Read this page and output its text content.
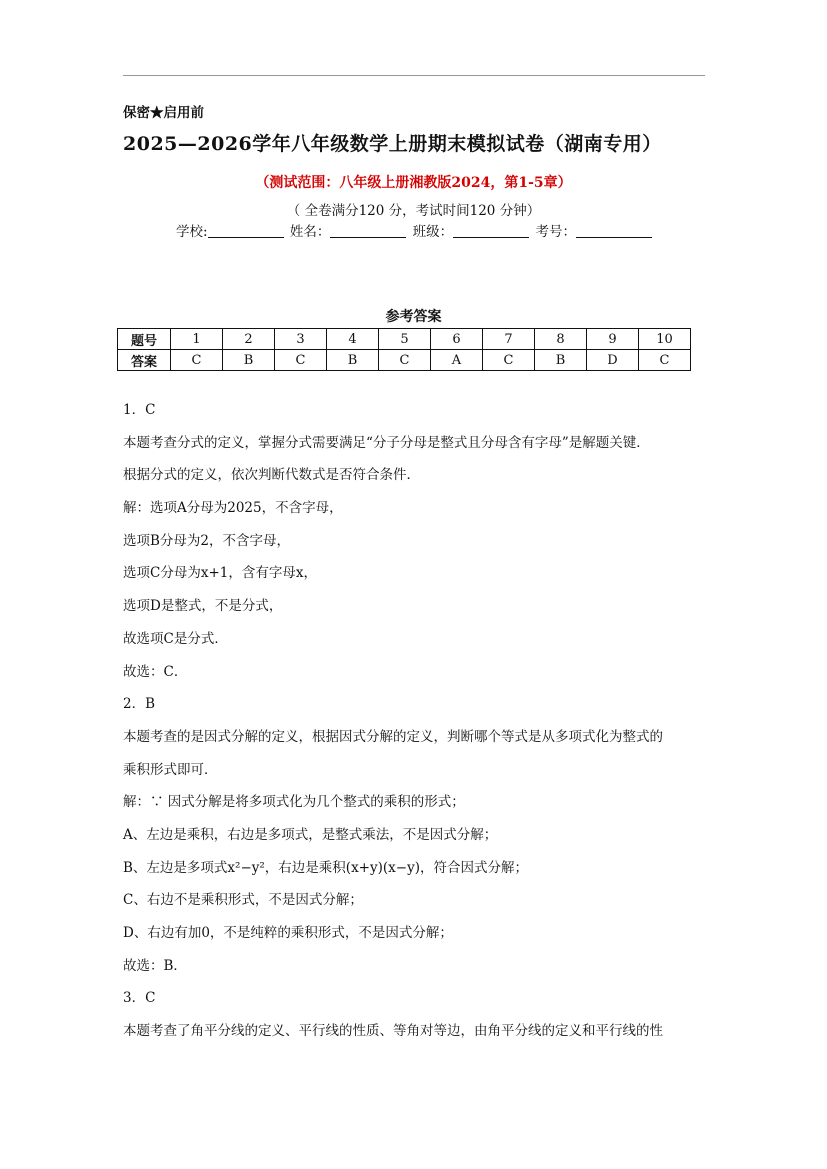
保密★启用前
2025—2026学年八年级数学上册期末模拟试卷（湖南专用）
（测试范围：八年级上册湘教版2024，第1-5章）
（ 全卷满分120 分，考试时间120 分钟）
学校:	姓名：	班级：	考号：
参考答案
题号	1	2	3	4	5	6	7	8	9	10
答案	C	B	C	B	C	A	C	B	D	C

1．C

本题考查分式的定义，掌握分式需要满足“分子分母是整式且分母含有字母”是解题关键．

根据分式的定义，依次判断代数式是否符合条件．

解：选项A分母为2025，不含字母，

选项B分母为2，不含字母，

选项C分母为x+1，含有字母x，

选项D是整式，不是分式，

故选项C是分式．

故选：C．

2．B

本题考查的是因式分解的定义，根据因式分解的定义，判断哪个等式是从多项式化为整式的

乘积形式即可．

解：∵ 因式分解是将多项式化为几个整式的乘积的形式；

A、左边是乘积，右边是多项式，是整式乘法，不是因式分解；

B、左边是多项式x²−y²，右边是乘积(x+y)(x−y)，符合因式分解；

C、右边不是乘积形式，不是因式分解；

D、右边有加0，不是纯粹的乘积形式，不是因式分解；

故选：B．

3．C

本题考查了角平分线的定义、平行线的性质、等角对等边，由角平分线的定义和平行线的性
